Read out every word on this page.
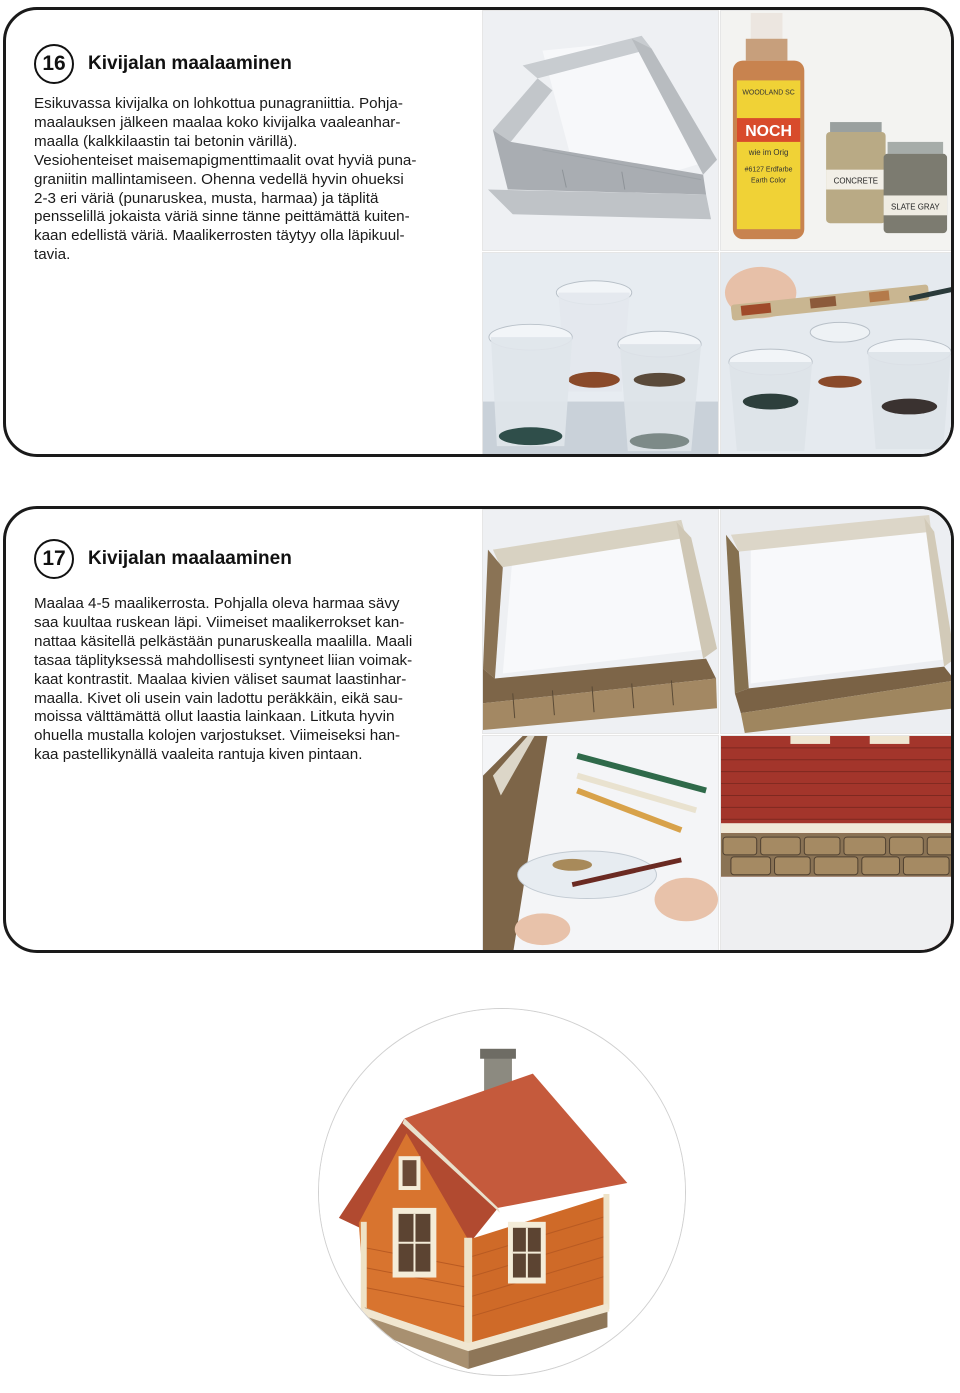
16	Kivijalan maalaaminen
Esikuvassa kivijalka on lohkottua punagraniittia. Pohja-
maalauksen jälkeen maalaa koko kivijalka vaaleanhar-
maalla (kalkkilaastin tai betonin värillä).
Vesiohenteiset maisemapigmenttimaalit ovat hyviä puna-
graniitin mallintamiseen. Ohenna vedellä hyvin ohueksi
2-3 eri väriä (punaruskea, musta, harmaa) ja täplitä
pensselillä jokaista väriä sinne tänne peittämättä kuiten-
kaan edellistä väriä. Maalikerrosten täytyy olla läpikuul-
tavia.
WOODLAND SC
NOCH
wie im Orig
#6127 Erdfarbe
Earth Color	CONCRETE
SLATE GRAY
17	Kivijalan maalaaminen
Maalaa 4-5 maalikerrosta. Pohjalla oleva harmaa sävy
saa kuultaa ruskean läpi. Viimeiset maalikerrokset kan-
nattaa käsitellä pelkästään punaruskealla maalilla. Maali
tasaa täplityksessä mahdollisesti syntyneet liian voimak-
kaat kontrastit. Maalaa kivien väliset saumat laastinhar-
maalla. Kivet oli usein vain ladottu peräkkäin, eikä sau-
moissa välttämättä ollut laastia lainkaan. Litkuta hyvin
ohuella mustalla kolojen varjostukset. Viimeiseksi han-
kaa pastellikynällä vaaleita rantuja kiven pintaan.
